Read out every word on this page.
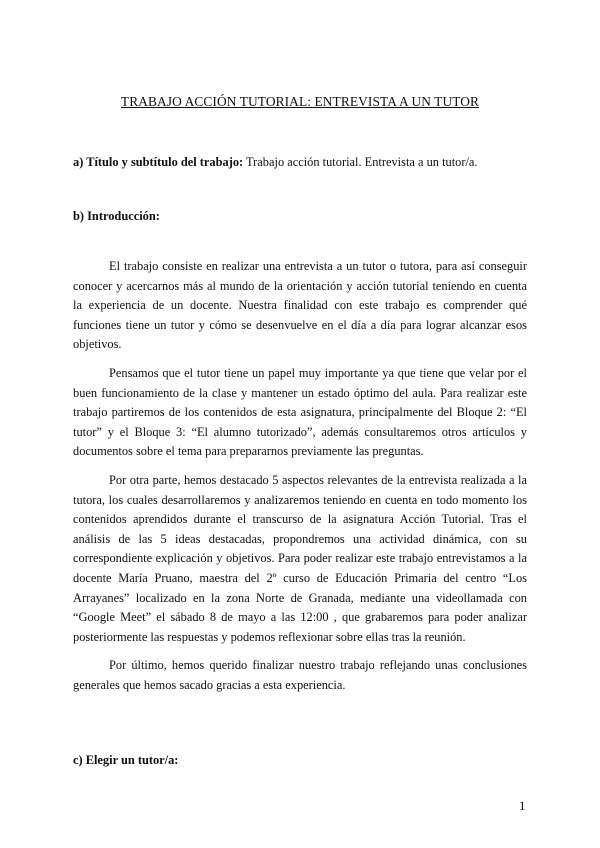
TRABAJO ACCIÓN TUTORIAL: ENTREVISTA A UN TUTOR
a) Título y subtítulo del trabajo: Trabajo acción tutorial. Entrevista a un tutor/a.
b) Introducción:

El trabajo consiste en realizar una entrevista a un tutor o tutora, para así conseguir conocer y acercarnos más al mundo de la orientación y acción tutorial teniendo en cuenta la experiencia de un docente. Nuestra finalidad con este trabajo es comprender qué funciones tiene un tutor y cómo se desenvuelve en el día a día para lograr alcanzar esos objetivos.

Pensamos que el tutor tiene un papel muy importante ya que tiene que velar por el buen funcionamiento de la clase y mantener un estado óptimo del aula. Para realizar este trabajo partiremos de los contenidos de esta asignatura, principalmente del Bloque 2: “El tutor” y el Bloque 3: “El alumno tutorizado”, además consultaremos otros artículos y documentos sobre el tema para prepararnos previamente las preguntas.

Por otra parte, hemos destacado 5 aspectos relevantes de la entrevista realizada a la tutora, los cuales desarrollaremos y analizaremos teniendo en cuenta en todo momento los contenidos aprendidos durante el transcurso de la asignatura Acción Tutorial. Tras el análisis de las 5 ideas destacadas, propondremos una actividad dinámica, con su correspondiente explicación y objetivos. Para poder realizar este trabajo entrevistamos a la docente María Pruano, maestra del 2º curso de Educación Primaria del centro “Los Arrayanes” localizado en la zona Norte de Granada, mediante una videollamada con “Google Meet” el sábado 8 de mayo a las 12:00 , que grabaremos para poder analizar posteriormente las respuestas y podemos reflexionar sobre ellas tras la reunión.

Por último, hemos querido finalizar nuestro trabajo reflejando unas conclusiones generales que hemos sacado gracias a esta experiencia.

c) Elegir un tutor/a:
1
